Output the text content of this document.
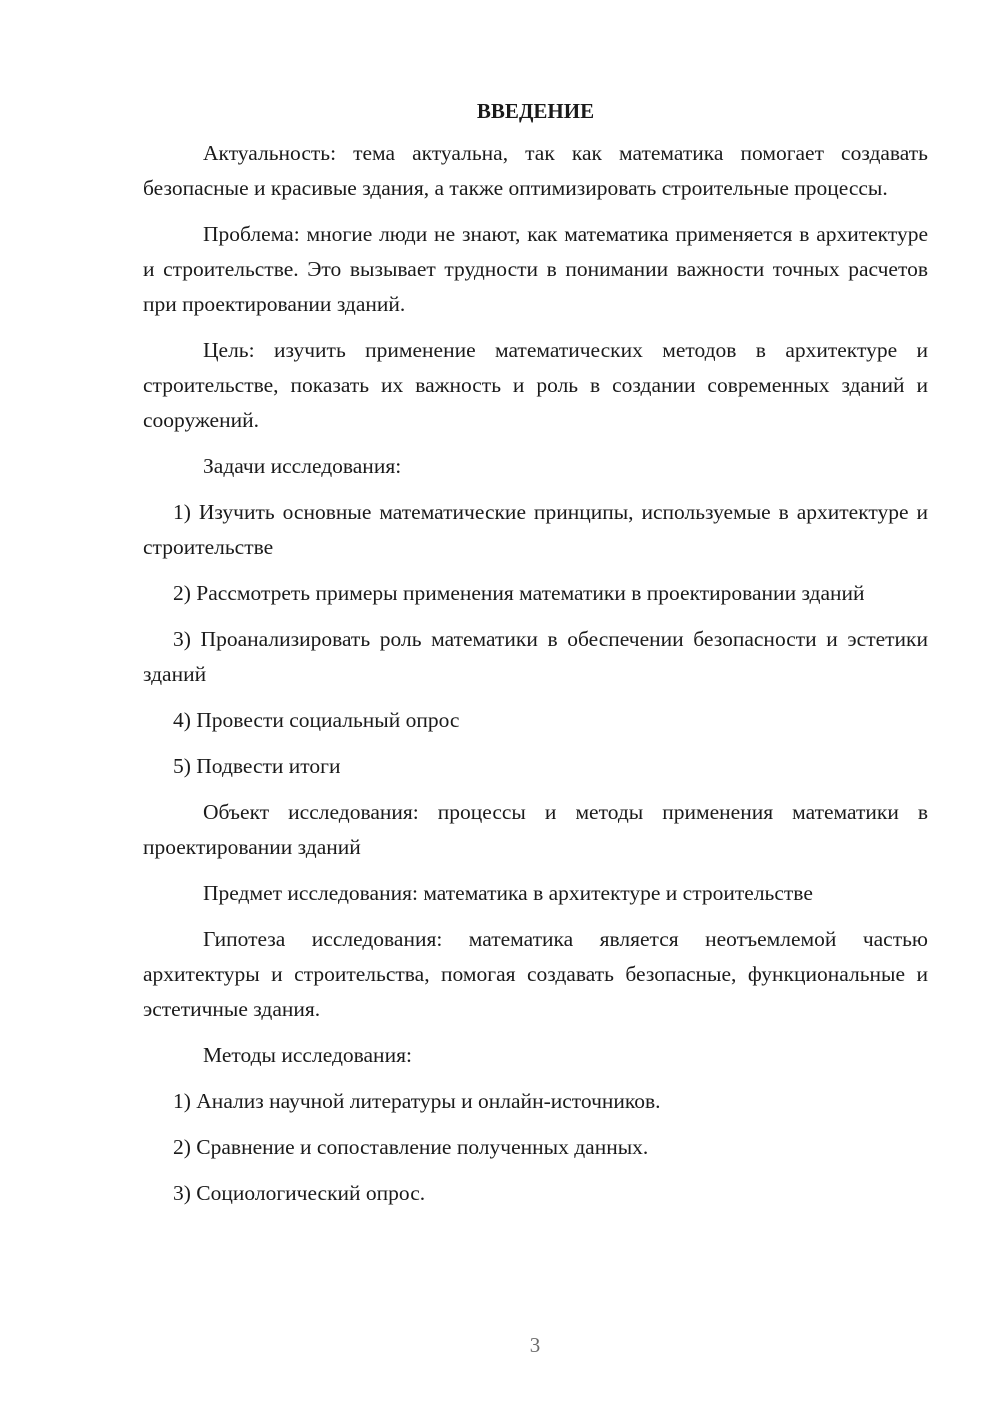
ВВЕДЕНИЕ

Актуальность: тема актуальна, так как математика помогает создавать безопасные и красивые здания, а также оптимизировать строительные процессы.

Проблема: многие люди не знают, как математика применяется в архитектуре и строительстве. Это вызывает трудности в понимании важности точных расчетов при проектировании зданий.

Цель: изучить применение математических методов в архитектуре и строительстве, показать их важность и роль в создании современных зданий и сооружений.

Задачи исследования:

1) Изучить основные математические принципы, используемые в архитектуре и строительстве

2) Рассмотреть примеры применения математики в проектировании зданий

3) Проанализировать роль математики в обеспечении безопасности и эстетики зданий

4) Провести социальный опрос

5) Подвести итоги

Объект исследования: процессы и методы применения математики в проектировании зданий

Предмет исследования: математика в архитектуре и строительстве

Гипотеза исследования: математика является неотъемлемой частью архитектуры и строительства, помогая создавать безопасные, функциональные и эстетичные здания.

Методы исследования:

1) Анализ научной литературы и онлайн-источников.

2) Сравнение и сопоставление полученных данных.

3) Социологический опрос.

3
